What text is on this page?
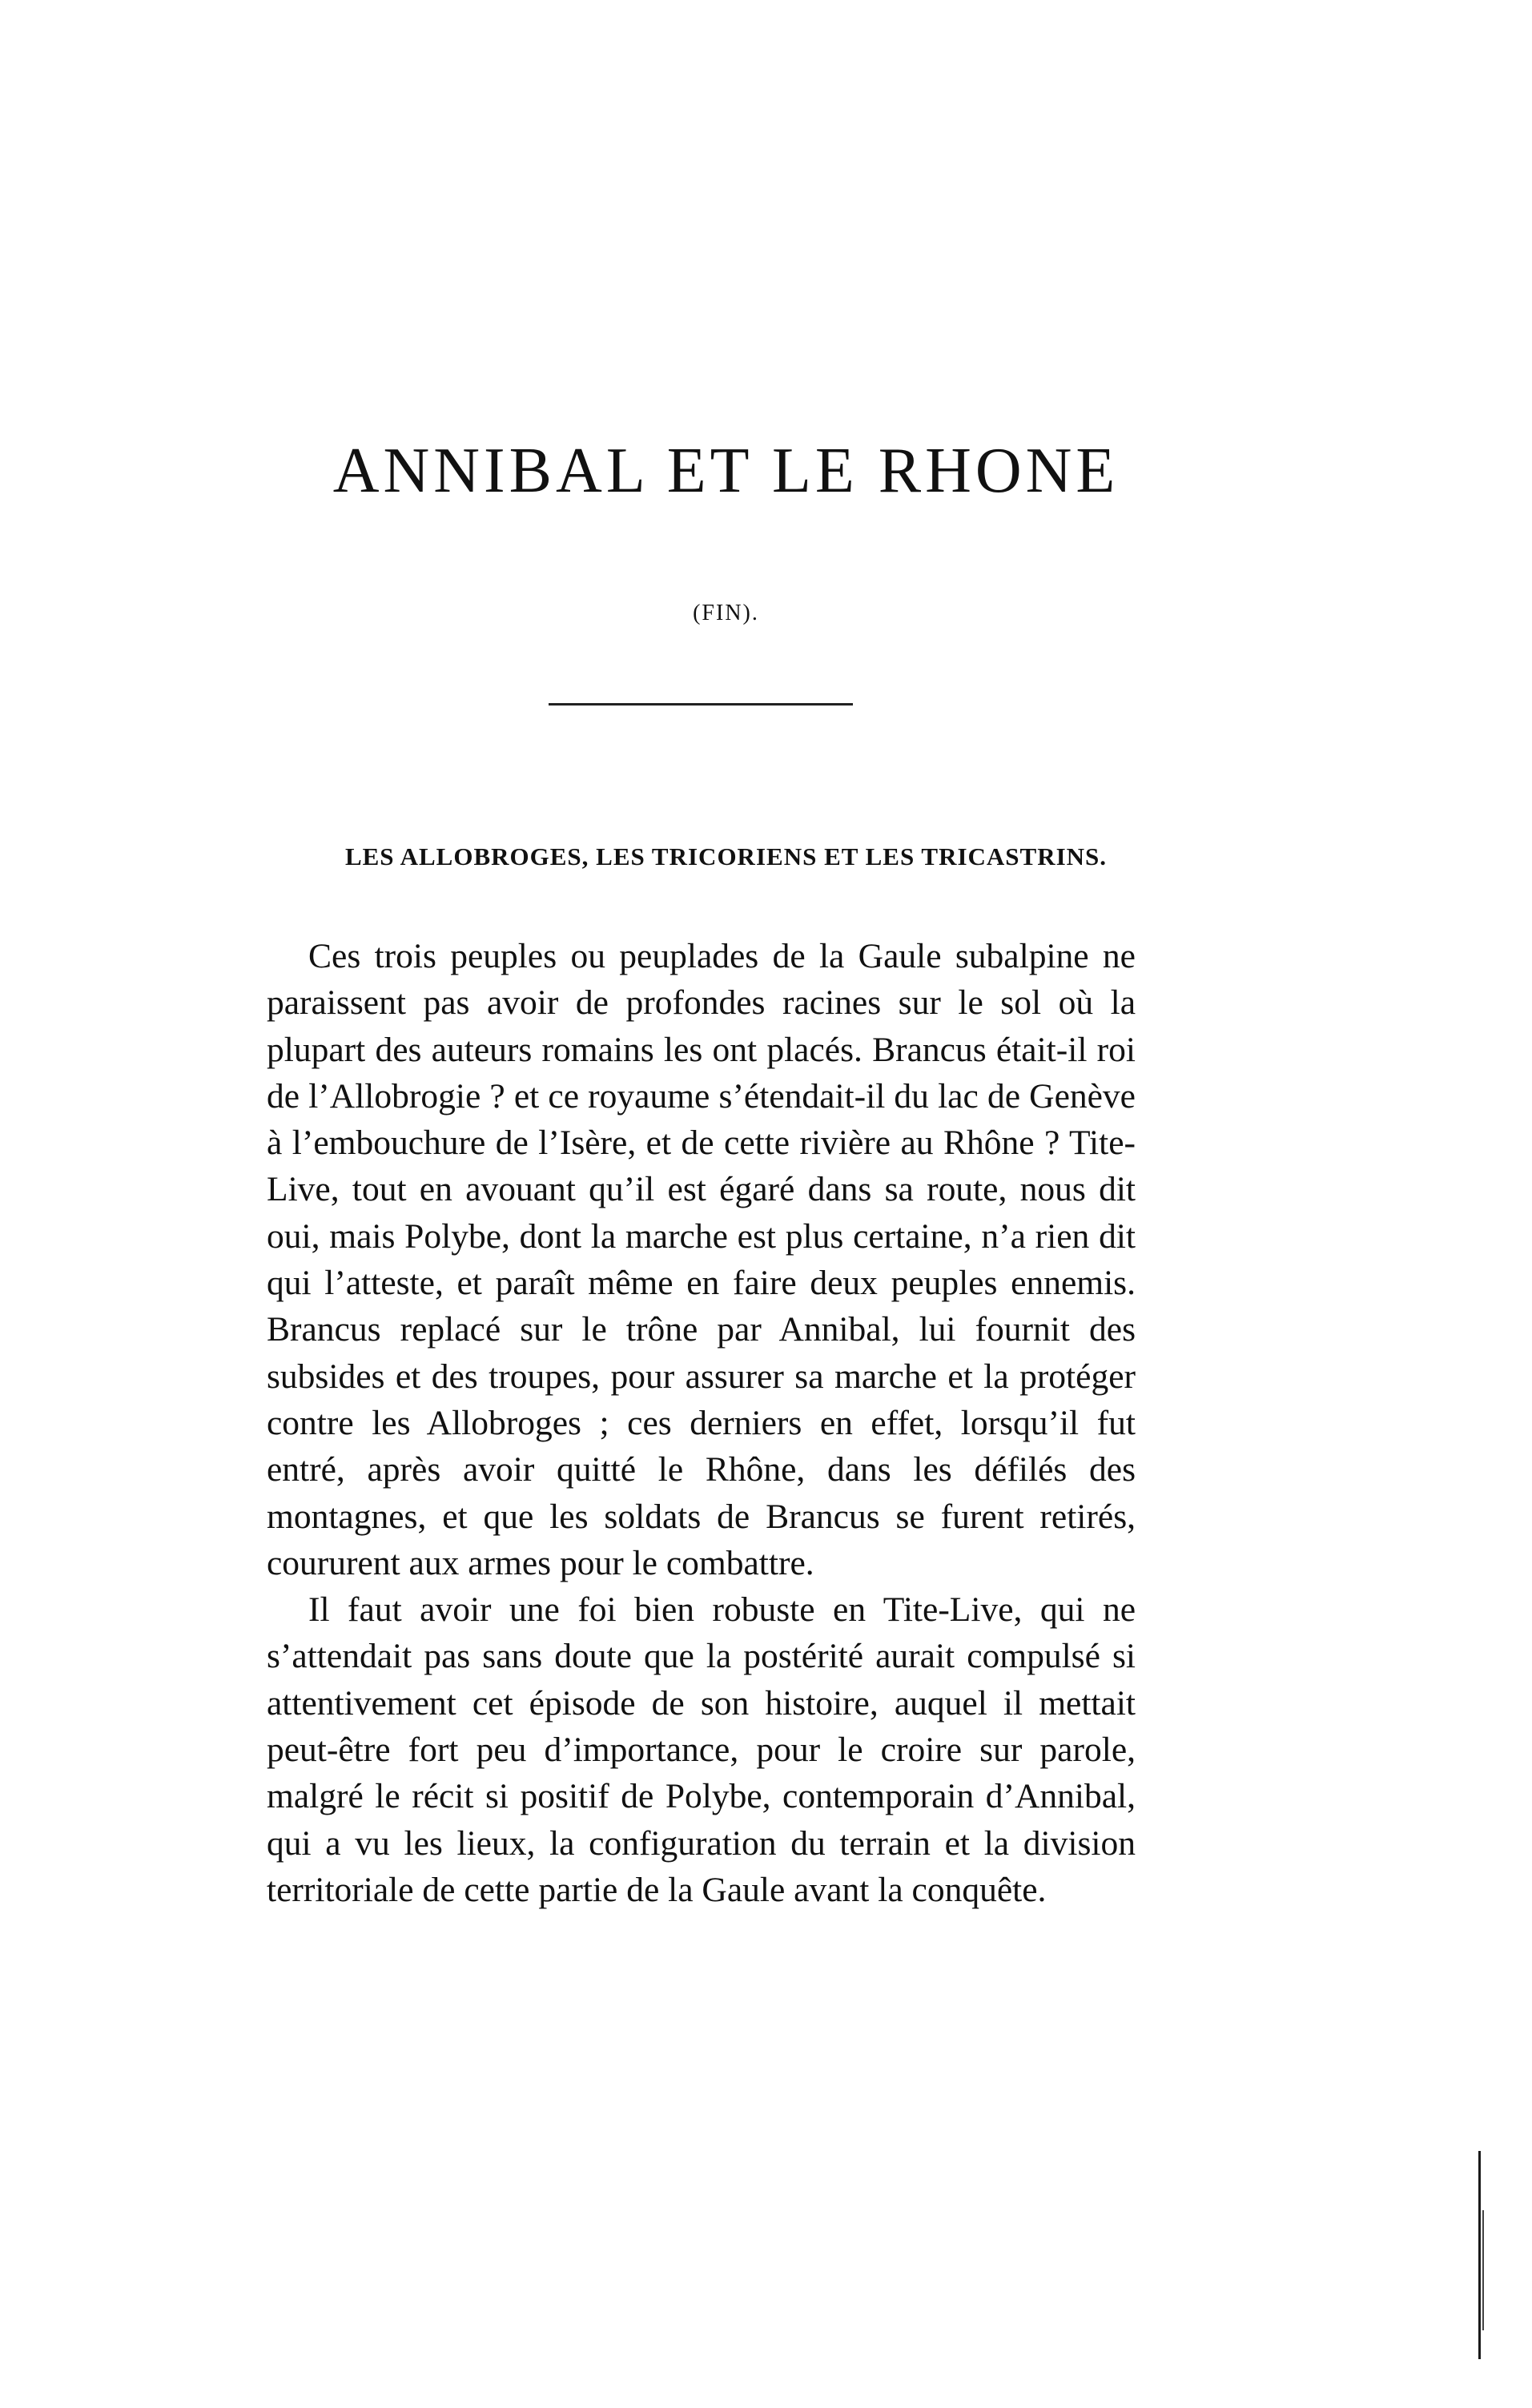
ANNIBAL ET LE RHONE
(FIN).
LES ALLOBROGES, LES TRICORIENS ET LES TRICASTRINS.

Ces trois peuples ou peuplades de la Gaule subalpine ne paraissent pas avoir de profondes racines sur le sol où la plupart des auteurs romains les ont placés. Brancus était-il roi de l’Allobrogie ? et ce royaume s’étendait-il du lac de Genève à l’embouchure de l’Isère, et de cette rivière au Rhône ? Tite-Live, tout en avouant qu’il est égaré dans sa route, nous dit oui, mais Polybe, dont la marche est plus certaine, n’a rien dit qui l’atteste, et paraît même en faire deux peuples ennemis. Brancus replacé sur le trône par Annibal, lui fournit des subsides et des troupes, pour assurer sa marche et la protéger contre les Allobroges ; ces derniers en effet, lorsqu’il fut entré, après avoir quitté le Rhône, dans les défilés des montagnes, et que les soldats de Brancus se furent retirés, coururent aux armes pour le combattre.

Il faut avoir une foi bien robuste en Tite-Live, qui ne s’attendait pas sans doute que la postérité aurait compulsé si attentivement cet épisode de son histoire, auquel il mettait peut-être fort peu d’importance, pour le croire sur parole, malgré le récit si positif de Polybe, contemporain d’Annibal, qui a vu les lieux, la configuration du terrain et la division territoriale de cette partie de la Gaule avant la conquête.
